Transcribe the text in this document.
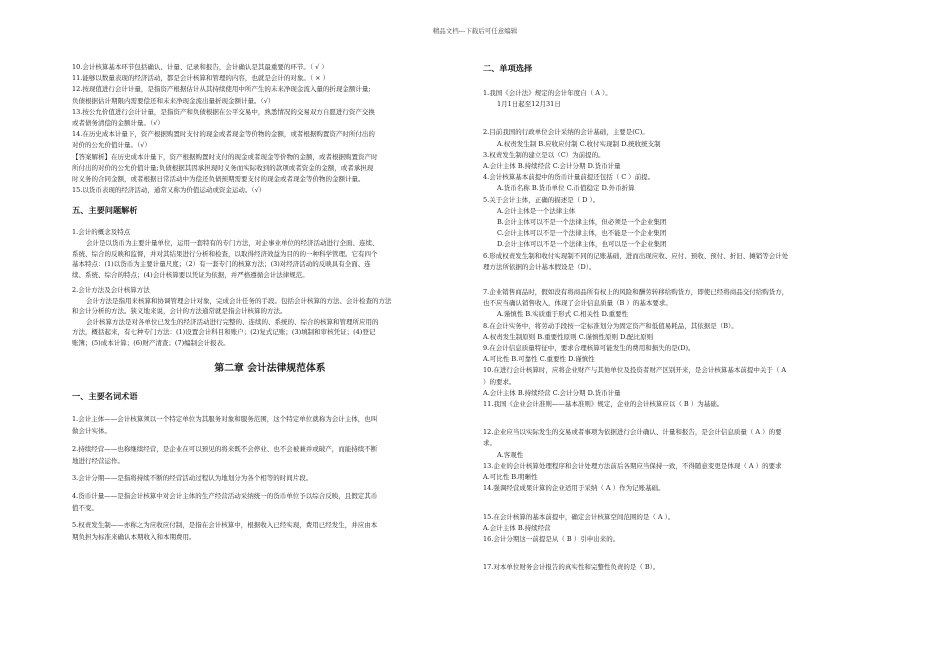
精品文档---下载后可任意编辑
10.会计核算基本环节包括确认、计量、记录和报告，会计确认是其最重要的环节。（ √ ）
11.能够以数量表现的经济活动，都是会计核算和管理的内容，也就是会计的对象。（ × ）
12.按现值进行会计计量，是指资产根据估计从其持续使用中所产生的未来净现金流入量的折现金额计量;
负债根据估计期限内需要偿还和未来净现金流出量折现金额计量。（√）
13.按公允价值进行会计计量，是指资产和负债根据在公平交易中，熟悉情况的交易双方自愿进行资产交换
或者债务清偿的金额计量。（√）
14.在历史成本计量下，资产根据购置时支付的现金或者现金等价物的金额，或者根据购置资产时所付出的
对价的公允价值计量。（√）
【答案解析】在历史成本计量下，资产根据购置时支付的现金或者现金等价物的金额，或者根据购置资产时
所付出的对价的公允价值计量;负债根据其因承担现时义务而实际收到的款项或者资金的金额，或者承担现
时义务的合同金额，或者根据日常活动中为偿还负债预期需要支付的现金或者现金等价物的金额计量。
15.以货币表现的经济活动，通常又称为价值运动或资金运动。（√）
五、主要问题解析
1.会计的概念及特点
会计是以货币为主要计量单位，运用一套特有的专门方法，对企事业单位的经济活动进行全面、连续、
系统、综合的反映和监督，并对其结果进行分析和检查，以取得经济效益为目的的一种科学管理。它有四个
基本特点：(1)以货币为主要计量尺度；（2）有一套专门的核算方法；(3)对经济活动的反映具有全面、连
续、系统、综合的特点；(4)会计核算要以凭证为依据，并严格遵循会计法律规范。
2.会计方法及会计核算方法
会计方法是指用来核算和协调管理会计对象，完成会计任务的手段。包括会计核算的方法、会计检查的方法
和会计分析的方法。狭义地来说，会计的方法通常就是指会计核算的方法。
会计核算方法是对各单位已发生的经济活动进行完整的、连续的、系统的、综合的核算和管理所应用的
方法，概括起来，有七种专门方法：(1)设置会计科目和账户；(2)复式记账；(3)填制和审核凭证；(4)登记
账簿；(5)成本计算；(6)财产清查；(7)编制会计报表。
第二章 会计法律规范体系
一、主要名词术语
1.会计主体——会计核算须以一个特定单位为其服务对象和服务范围，这个特定单位就称为会计主体，也叫
做会计实体。
2.持续经营——也称继续经营，是企业在可以预见的将来既不会停业、也不会被兼并或破产，而能持续不断
地进行经营运作。
3.会计分期——是指将持续不断的经营活动过程认为地划分为各个相等的时间片段。
4.货币计量——是指会计核算中对会计主体的生产经营活动采纳统一的货币单位予以综合反映，且假定其币
值不变。
5.权责发生制——亦称之为应收应付制，是指在会计核算中，根据收入已经实现，费用已经发生，并应由本
期负担为标准来确认本期收入和本期费用。
二、单项选择
1.我国《会计法》规定的会计年度自（ A ）。
1月1日起至12月31日
2.目前我国的行政单位会计采纳的会计基础，主要是(C)。
A.权责发生制 B.应收应付制 C.收付实现制 D.统收统支制
3.权责发生制的建立是以（C）为前提的。
A.会计主体 B.持续经营 C.会计分期 D.货币计量
4.会计核算基本前提中的货币计量前提还包括（ C ）前提。
A.货币名称 B.货币单位 C.币值稳定 D.外币折算
5.关于会计主体，正确的描述是（ D ）。
A.会计主体是一个法律主体
B.会计主体可以不是一个法律主体，但必须是一个企业集团
C.会计主体可以不是一个法律主体，也不能是一个企业集团
D.会计主体可以不是一个法律主体，也可以是一个企业集团
6.形成权责发生制和收付实现制不同的记账基础，进而出现应收、应付、预收、预付、折旧、摊销等会计处
理方法所依据的会计基本假设是（D）。
7.企业销售商品时，假如没有将商品所有权上的风险和酬劳转移给购货方，即使已经将商品交付给购货方，
也不应当确认销售收入，体现了会计信息质量（B ）的基本要求。
A.谨慎性 B.实质重于形式 C.相关性 D.重要性
8.在会计实务中，将劳动手段按一定标准划分为固定资产和低值易耗品，其依据是（B）。
A.权责发生制原则 B.重要性原则 C.谨慎性原则 D.配比原则
9.在会计信息质量特征中，要求合理核算可能发生的费用和损失的是(D)。
A.可比性 B.可靠性 C.重要性 D.谨慎性
10.在进行会计核算时，应将企业财产与其他单位及投资者财产区别开来，是会计核算基本前提中关于（ A
）的要求。
A.会计主体 B.持续经营 C.会计分期 D.货币计量
11.我国《企业会计准则——基本准则》规定，企业的会计核算应以（ B ）为基础。
12.企业应当以实际发生的交易或者事项为依据进行会计确认、计量和报告，是会计信息质量（ A ）的要
求。
A.客观性
13.企业的会计核算处理程序和会计处理方法前后各期应当保持一致，不得随意变更是体现（ A ）的要求
A.可比性 B.明晰性
14.强调经营成果计算的企业适用于采纳（ A ）作为记账基础。
15.在会计核算的基本前提中，确定会计核算空间范围的是（ A ）。
A.会计主体 B.持续经营
16.会计分期这一前提是从（ B ）引申出来的。
17.对本单位财务会计报告的真实性和完整性负责的是（ B）。
